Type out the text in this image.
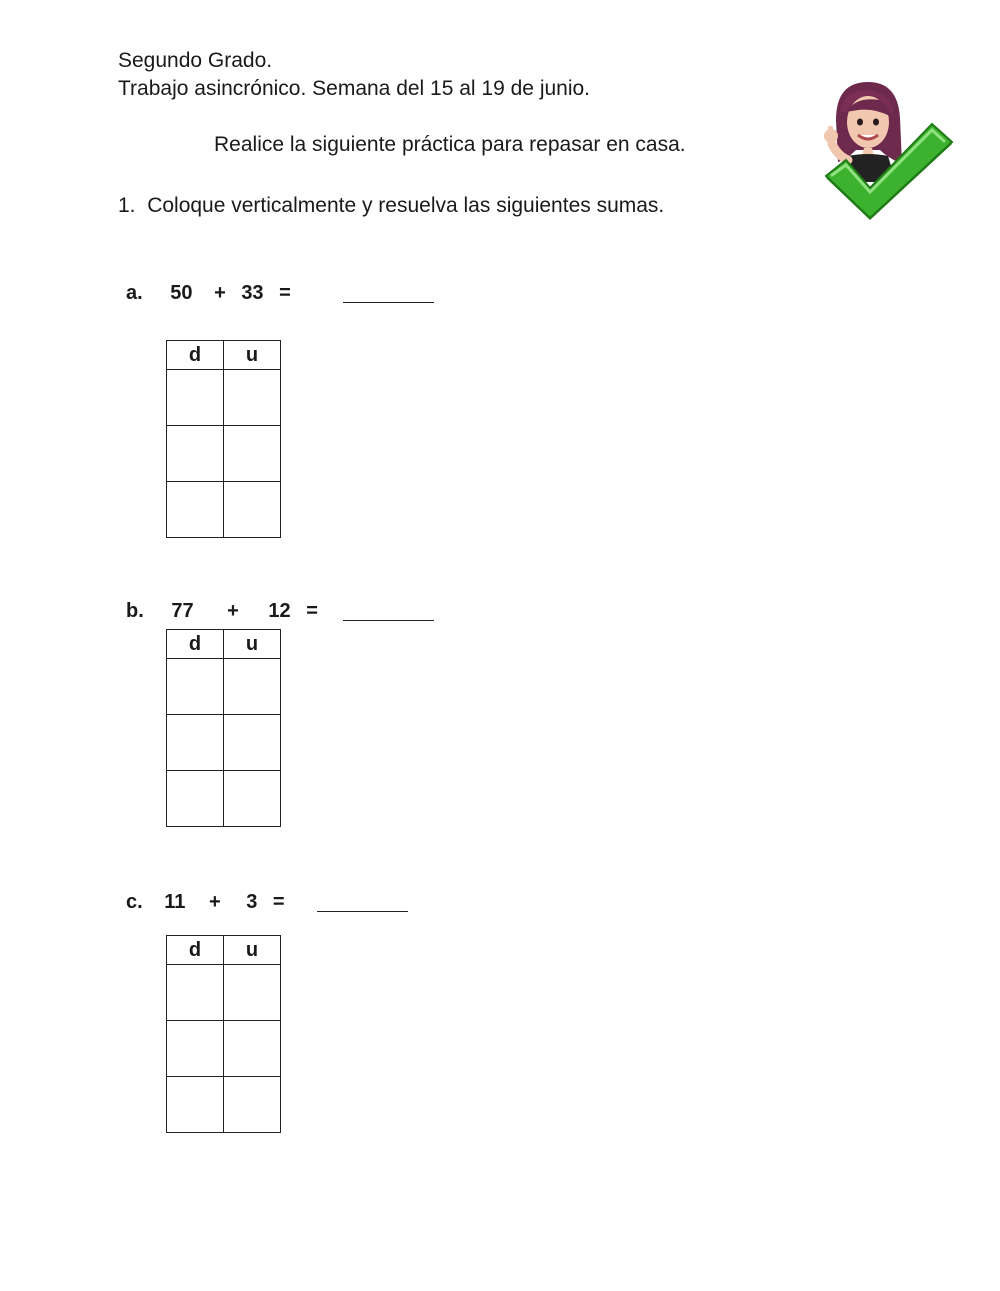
Segundo Grado.
Trabajo asincrónico. Semana del 15 al 19 de junio.
Realice la siguiente práctica para repasar en casa.
1. Coloque verticalmente y resuelva las siguientes sumas.
a. 50 + 33 =
d	u

b. 77 + 12 =
d	u

c. 11 + 3 =
d	u
